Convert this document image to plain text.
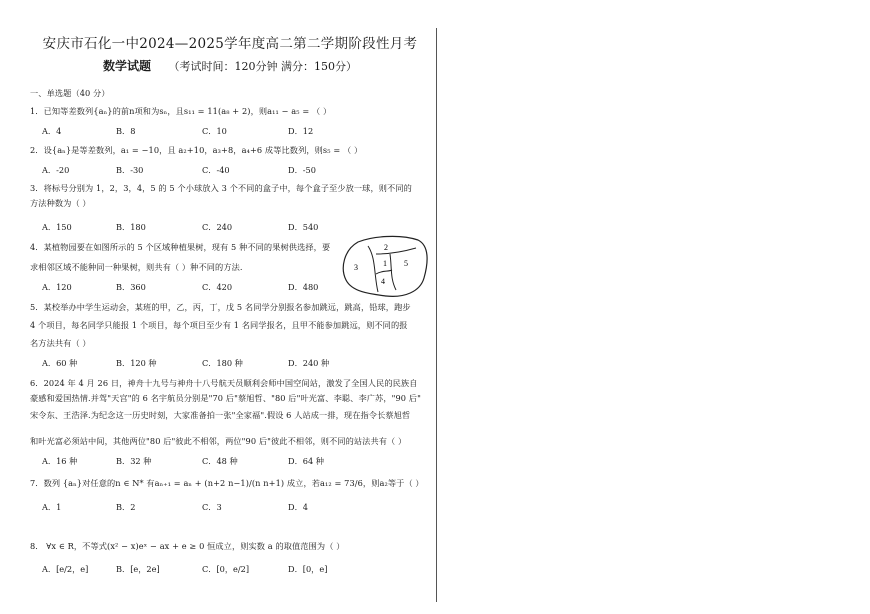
安庆市石化一中2024—2025学年度高二第二学期阶段性月考
数学试题 （考试时间：120分钟 满分：150分）
一、单选题（40 分）
1．已知等差数列{aₙ}的前n项和为sₙ，且s₁₁ = 11(a₈ + 2)，则a₁₁ − a₅ = （ ）
A．4	B．8	C．10	D．12
2．设{aₙ}是等差数列，a₁ = −10，且 a₂+10，a₃+8，a₄+6 成等比数列，则s₅ = （ ）
A．-20	B．-30	C．-40	D．-50
3．将标号分别为 1，2，3，4，5 的 5 个小球放入 3 个不同的盒子中，每个盒子至少放一球，则不同的
方法种数为（ ）
A．150	B．180	C．240	D．540
4．某植物园要在如图所示的 5 个区域种植果树，现有 5 种不同的果树供选择，要
求相邻区域不能种同一种果树，则共有（ ）种不同的方法.
A．120	B．360	C．420	D．480
1
2
3
4
5
5．某校举办中学生运动会，某班的甲，乙，丙，丁，戊 5 名同学分别报名参加跳远，跳高，铅球，跑步
4 个项目，每名同学只能报 1 个项目，每个项目至少有 1 名同学报名，且甲不能参加跳远，则不同的报
名方法共有（ ）
A．60 种	B．120 种	C．180 种	D．240 种
6．2024 年 4 月 26 日，神舟十九号与神舟十八号航天员顺利会师中国空间站，激发了全国人民的民族自
豪感和爱国热情.并驾"天宫"的 6 名宇航员分别是"70 后"蔡旭哲、"80 后"叶光富、李聪、李广苏，"90 后"
宋令东、王浩泽.为纪念这一历史时刻，大家准备拍一张"全家福".假设 6 人站成一排，现在指令长蔡旭哲
和叶光富必须站中间，其他两位"80 后"彼此不相邻，两位"90 后"彼此不相邻，则不同的站法共有（ ）
A．16 种	B．32 种	C．48 种	D．64 种
7．数列 {aₙ}对任意的n ∈ N* 有aₙ₊₁ = aₙ + (n+2 n−1)/(n n+1) 成立，若a₁₂ = 73/6，则a₂等于（ ）
A．1	B．2	C．3	D．4
8． ∀x ∈ R，不等式(x² − x)eˣ − ax + e ≥ 0 恒成立，则实数 a 的取值范围为（ ）
A．[e/2，e]	B．[e，2e]	C．[0，e/2]	D．[0，e]
